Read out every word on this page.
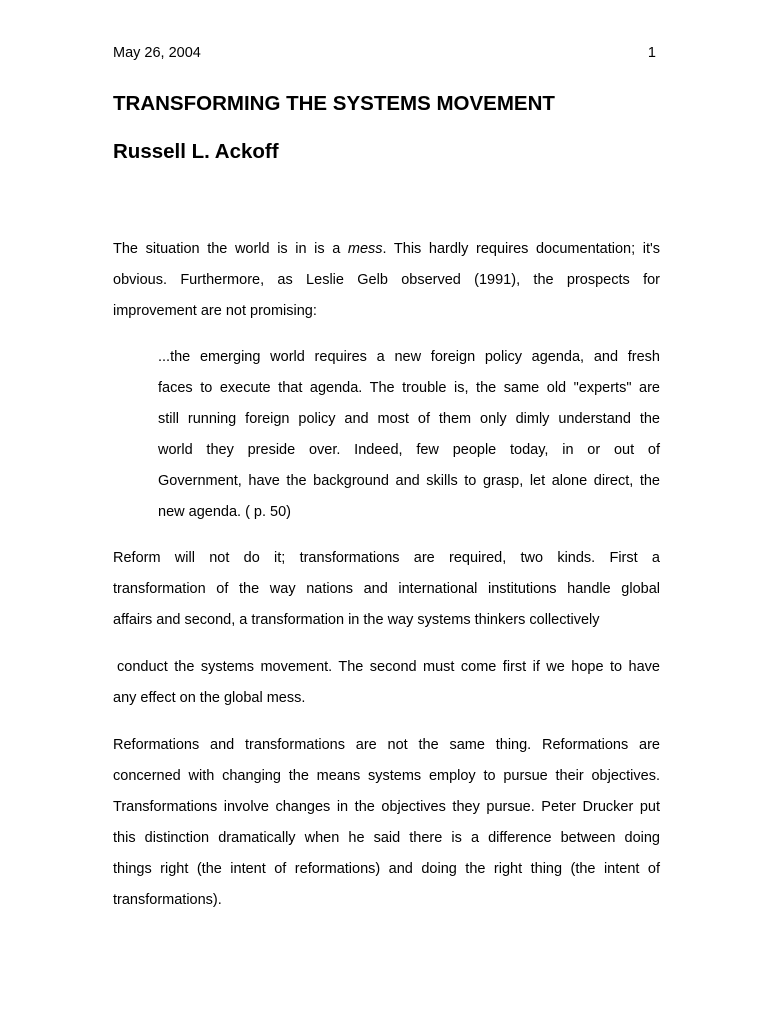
May 26, 2004	1
TRANSFORMING THE SYSTEMS MOVEMENT
Russell L. Ackoff

The situation the world is in is a mess. This hardly requires documentation; it's
obvious. Furthermore, as Leslie Gelb observed (1991), the prospects for
improvement are not promising:

...the emerging world requires a new foreign policy agenda, and fresh
faces to execute that agenda. The trouble is, the same old "experts" are
still running foreign policy and most of them only dimly understand the
world they preside over. Indeed, few people today, in or out of
Government, have the background and skills to grasp, let alone direct, the
new agenda. ( p. 50)

Reform will not do it; transformations are required, two kinds. First a
transformation of the way nations and international institutions handle global
affairs and second, a transformation in the way systems thinkers collectively

conduct the systems movement. The second must come first if we hope to have
any effect on the global mess.

Reformations and transformations are not the same thing. Reformations are
concerned with changing the means systems employ to pursue their objectives.
Transformations involve changes in the objectives they pursue. Peter Drucker put
this distinction dramatically when he said there is a difference between doing
things right (the intent of reformations) and doing the right thing (the intent of
transformations).
